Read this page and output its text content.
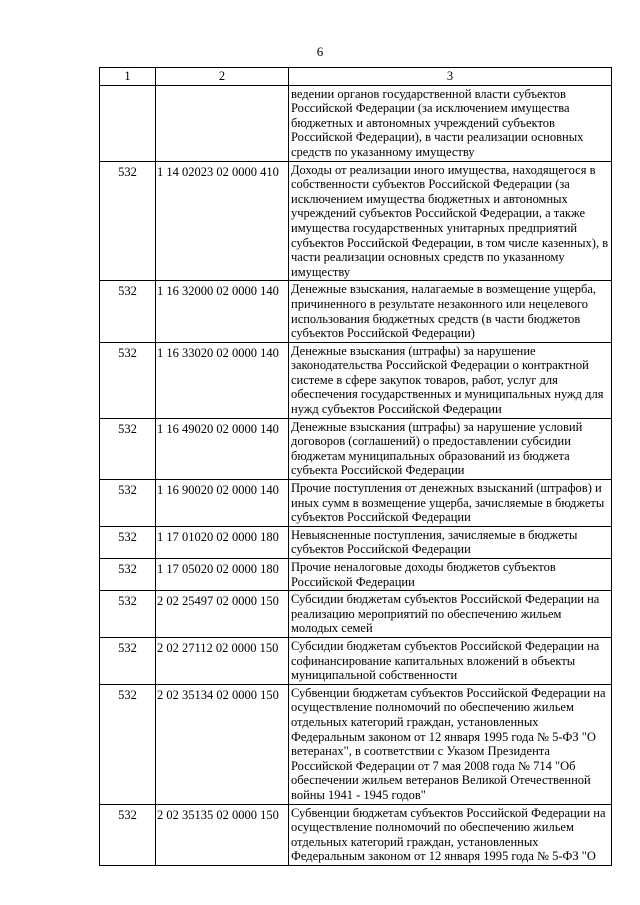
6
1	2	3
		ведении органов государственной власти субъектов Российской Федерации (за исключением имущества бюджетных и автономных учреждений субъектов Российской Федерации), в части реализации основных средств по указанному имуществу
532	1 14 02023 02 0000 410	Доходы от реализации иного имущества, находящегося в собственности субъектов Российской Федерации (за исключением имущества бюджетных и автономных учреждений субъектов Российской Федерации, а также имущества государственных унитарных предприятий субъектов Российской Федерации, в том числе казенных), в части реализации основных средств по указанному имуществу
532	1 16 32000 02 0000 140	Денежные взыскания, налагаемые в возмещение ущерба, причиненного в результате незаконного или нецелевого использования бюджетных средств (в части бюджетов субъектов Российской Федерации)
532	1 16 33020 02 0000 140	Денежные взыскания (штрафы) за нарушение законодательства Российской Федерации о контрактной системе в сфере закупок товаров, работ, услуг для обеспечения государственных и муниципальных нужд для нужд субъектов Российской Федерации
532	1 16 49020 02 0000 140	Денежные взыскания (штрафы) за нарушение условий договоров (соглашений) о предоставлении субсидии бюджетам муниципальных образований из бюджета субъекта Российской Федерации
532	1 16 90020 02 0000 140	Прочие поступления от денежных взысканий (штрафов) и иных сумм в возмещение ущерба, зачисляемые в бюджеты субъектов Российской Федерации
532	1 17 01020 02 0000 180	Невыясненные поступления, зачисляемые в бюджеты субъектов Российской Федерации
532	1 17 05020 02 0000 180	Прочие неналоговые доходы бюджетов субъектов Российской Федерации
532	2 02 25497 02 0000 150	Субсидии бюджетам субъектов Российской Федерации на реализацию мероприятий по обеспечению жильем молодых семей
532	2 02 27112 02 0000 150	Субсидии бюджетам субъектов Российской Федерации на софинансирование капитальных вложений в объекты муниципальной собственности
532	2 02 35134 02 0000 150	Субвенции бюджетам субъектов Российской Федерации на осуществление полномочий по обеспечению жильем отдельных категорий граждан, установленных Федеральным законом от 12 января 1995 года № 5-ФЗ "О ветеранах", в соответствии с Указом Президента Российской Федерации от 7 мая 2008 года № 714 "Об обеспечении жильем ветеранов Великой Отечественной войны 1941 - 1945 годов"
532	2 02 35135 02 0000 150	Субвенции бюджетам субъектов Российской Федерации на осуществление полномочий по обеспечению жильем отдельных категорий граждан, установленных Федеральным законом от 12 января 1995 года № 5-ФЗ "О
